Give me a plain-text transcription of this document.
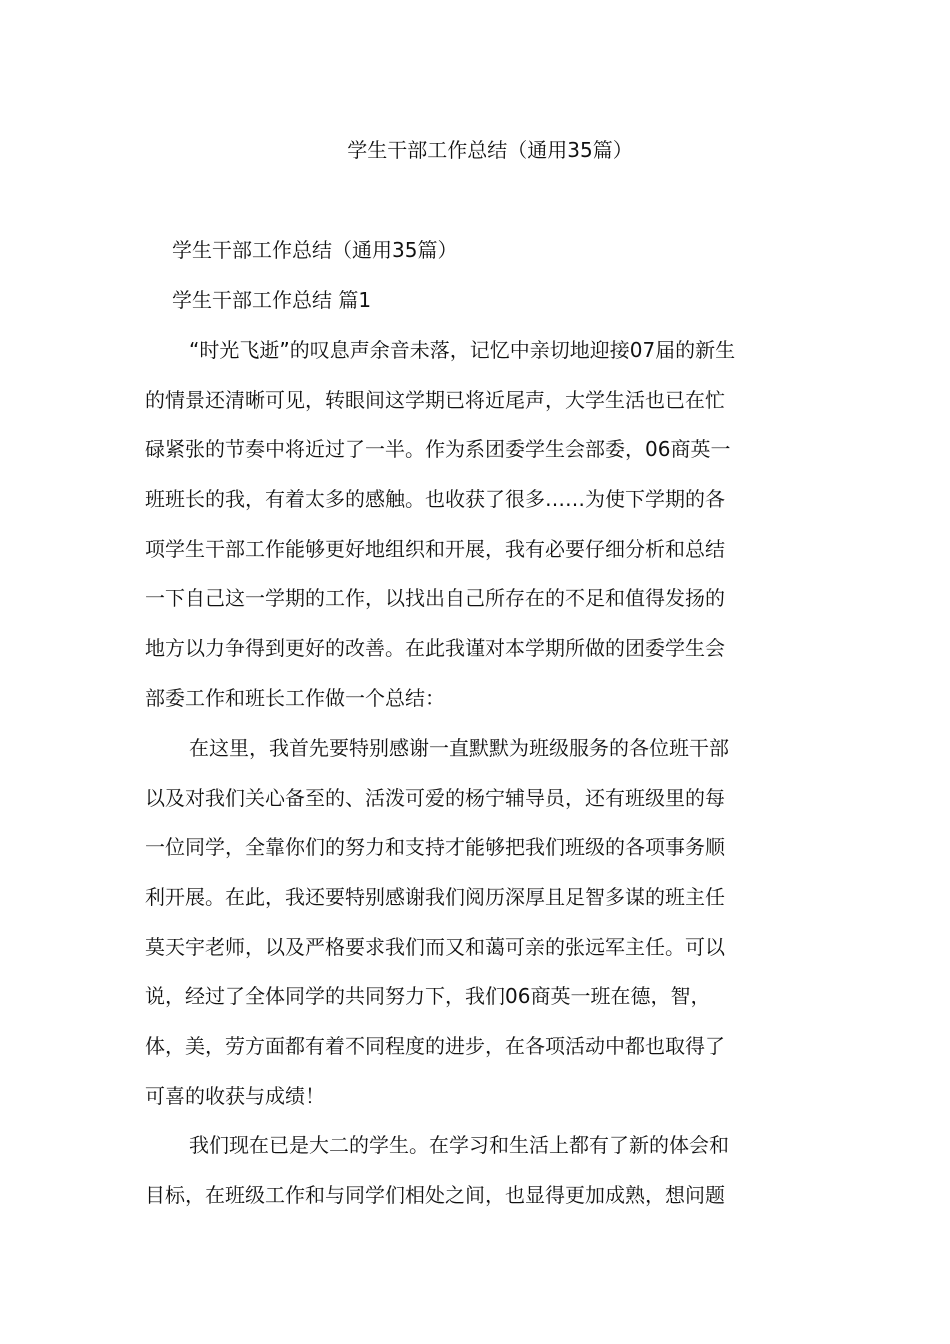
学生干部工作总结（通用35篇）

学生干部工作总结（通用35篇）

学生干部工作总结 篇1

“时光飞逝”的叹息声余音未落，记忆中亲切地迎接07届的新生
的情景还清晰可见，转眼间这学期已将近尾声，大学生活也已在忙
碌紧张的节奏中将近过了一半。作为系团委学生会部委，06商英一
班班长的我，有着太多的感触。也收获了很多……为使下学期的各
项学生干部工作能够更好地组织和开展，我有必要仔细分析和总结
一下自己这一学期的工作，以找出自己所存在的不足和值得发扬的
地方以力争得到更好的改善。在此我谨对本学期所做的团委学生会
部委工作和班长工作做一个总结：
在这里，我首先要特别感谢一直默默为班级服务的各位班干部
以及对我们关心备至的、活泼可爱的杨宁辅导员，还有班级里的每
一位同学，全靠你们的努力和支持才能够把我们班级的各项事务顺
利开展。在此，我还要特别感谢我们阅历深厚且足智多谋的班主任
莫天宇老师，以及严格要求我们而又和蔼可亲的张远军主任。可以
说，经过了全体同学的共同努力下，我们06商英一班在德，智，
体，美，劳方面都有着不同程度的进步，在各项活动中都也取得了
可喜的收获与成绩！
我们现在已是大二的学生。在学习和生活上都有了新的体会和
目标，在班级工作和与同学们相处之间，也显得更加成熟，想问题
